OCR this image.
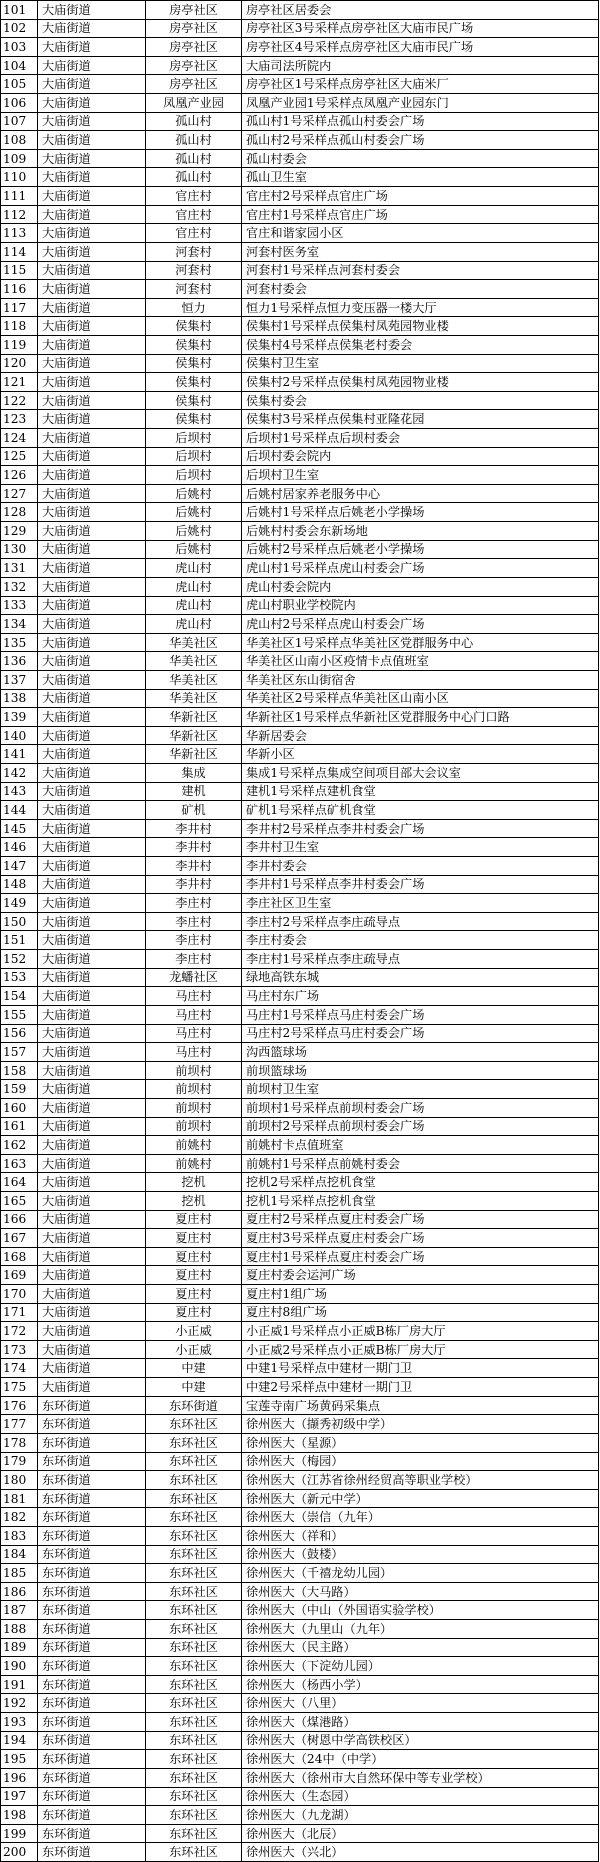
101	大庙街道	房亭社区	房亭社区居委会
102	大庙街道	房亭社区	房亭社区3号采样点房亭社区大庙市民广场
103	大庙街道	房亭社区	房亭社区4号采样点房亭社区大庙市民广场
104	大庙街道	房亭社区	大庙司法所院内
105	大庙街道	房亭社区	房亭社区1号采样点房亭社区大庙米厂
106	大庙街道	凤凰产业园	凤凰产业园1号采样点凤凰产业园东门
107	大庙街道	孤山村	孤山村1号采样点孤山村委会广场
108	大庙街道	孤山村	孤山村2号采样点孤山村委会广场
109	大庙街道	孤山村	孤山村委会
110	大庙街道	孤山村	孤山卫生室
111	大庙街道	官庄村	官庄村2号采样点官庄广场
112	大庙街道	官庄村	官庄村1号采样点官庄广场
113	大庙街道	官庄村	官庄和谐家园小区
114	大庙街道	河套村	河套村医务室
115	大庙街道	河套村	河套村1号采样点河套村委会
116	大庙街道	河套村	河套村委会
117	大庙街道	恒力	恒力1号采样点恒力变压器一楼大厅
118	大庙街道	侯集村	侯集村1号采样点侯集村凤苑园物业楼
119	大庙街道	侯集村	侯集村4号采样点侯集老村委会
120	大庙街道	侯集村	侯集村卫生室
121	大庙街道	侯集村	侯集村2号采样点侯集村凤苑园物业楼
122	大庙街道	侯集村	侯集村委会
123	大庙街道	侯集村	侯集村3号采样点侯集村亚隆花园
124	大庙街道	后坝村	后坝村1号采样点后坝村委会
125	大庙街道	后坝村	后坝村委会院内
126	大庙街道	后坝村	后坝村卫生室
127	大庙街道	后姚村	后姚村居家养老服务中心
128	大庙街道	后姚村	后姚村1号采样点后姚老小学操场
129	大庙街道	后姚村	后姚村村委会东新场地
130	大庙街道	后姚村	后姚村2号采样点后姚老小学操场
131	大庙街道	虎山村	虎山村1号采样点虎山村委会广场
132	大庙街道	虎山村	虎山村委会院内
133	大庙街道	虎山村	虎山村职业学校院内
134	大庙街道	虎山村	虎山村2号采样点虎山村委会广场
135	大庙街道	华美社区	华美社区1号采样点华美社区党群服务中心
136	大庙街道	华美社区	华美社区山南小区疫情卡点值班室
137	大庙街道	华美社区	华美社区东山街宿舍
138	大庙街道	华美社区	华美社区2号采样点华美社区山南小区
139	大庙街道	华新社区	华新社区1号采样点华新社区党群服务中心门口路
140	大庙街道	华新社区	华新居委会
141	大庙街道	华新社区	华新小区
142	大庙街道	集成	集成1号采样点集成空间项目部大会议室
143	大庙街道	建机	建机1号采样点建机食堂
144	大庙街道	矿机	矿机1号采样点矿机食堂
145	大庙街道	李井村	李井村2号采样点李井村委会广场
146	大庙街道	李井村	李井村卫生室
147	大庙街道	李井村	李井村委会
148	大庙街道	李井村	李井村1号采样点李井村委会广场
149	大庙街道	李庄村	李庄社区卫生室
150	大庙街道	李庄村	李庄村2号采样点李庄疏导点
151	大庙街道	李庄村	李庄村委会
152	大庙街道	李庄村	李庄村1号采样点李庄疏导点
153	大庙街道	龙蟠社区	绿地高铁东城
154	大庙街道	马庄村	马庄村东广场
155	大庙街道	马庄村	马庄村1号采样点马庄村委会广场
156	大庙街道	马庄村	马庄村2号采样点马庄村委会广场
157	大庙街道	马庄村	沟西篮球场
158	大庙街道	前坝村	前坝篮球场
159	大庙街道	前坝村	前坝村卫生室
160	大庙街道	前坝村	前坝村1号采样点前坝村委会广场
161	大庙街道	前坝村	前坝村2号采样点前坝村委会广场
162	大庙街道	前姚村	前姚村卡点值班室
163	大庙街道	前姚村	前姚村1号采样点前姚村委会
164	大庙街道	挖机	挖机2号采样点挖机食堂
165	大庙街道	挖机	挖机1号采样点挖机食堂
166	大庙街道	夏庄村	夏庄村2号采样点夏庄村委会广场
167	大庙街道	夏庄村	夏庄村3号采样点夏庄村委会广场
168	大庙街道	夏庄村	夏庄村1号采样点夏庄村委会广场
169	大庙街道	夏庄村	夏庄村委会运河广场
170	大庙街道	夏庄村	夏庄村1组广场
171	大庙街道	夏庄村	夏庄村8组广场
172	大庙街道	小正威	小正威1号采样点小正威B栋厂房大厅
173	大庙街道	小正威	小正威2号采样点小正威B栋厂房大厅
174	大庙街道	中建	中建1号采样点中建材一期门卫
175	大庙街道	中建	中建2号采样点中建材一期门卫
176	东环街道	东环街道	宝莲寺南广场黄码采集点
177	东环街道	东环社区	徐州医大（撷秀初级中学）
178	东环街道	东环社区	徐州医大（星源）
179	东环街道	东环社区	徐州医大（梅园）
180	东环街道	东环社区	徐州医大（江苏省徐州经贸高等职业学校）
181	东环街道	东环社区	徐州医大（新元中学）
182	东环街道	东环社区	徐州医大（崇信（九年）
183	东环街道	东环社区	徐州医大（祥和）
184	东环街道	东环社区	徐州医大（鼓楼）
185	东环街道	东环社区	徐州医大（千禧龙幼儿园）
186	东环街道	东环社区	徐州医大（大马路）
187	东环街道	东环社区	徐州医大（中山（外国语实验学校）
188	东环街道	东环社区	徐州医大（九里山（九年）
189	东环街道	东环社区	徐州医大（民主路）
190	东环街道	东环社区	徐州医大（下淀幼儿园）
191	东环街道	东环社区	徐州医大（杨西小学）
192	东环街道	东环社区	徐州医大（八里）
193	东环街道	东环社区	徐州医大（煤港路）
194	东环街道	东环社区	徐州医大（树恩中学高铁校区）
195	东环街道	东环社区	徐州医大（24中（中学）
196	东环街道	东环社区	徐州医大（徐州市大自然环保中等专业学校）
197	东环街道	东环社区	徐州医大（生态园）
198	东环街道	东环社区	徐州医大（九龙湖）
199	东环街道	东环社区	徐州医大（北辰）
200	东环街道	东环社区	徐州医大（兴北）
